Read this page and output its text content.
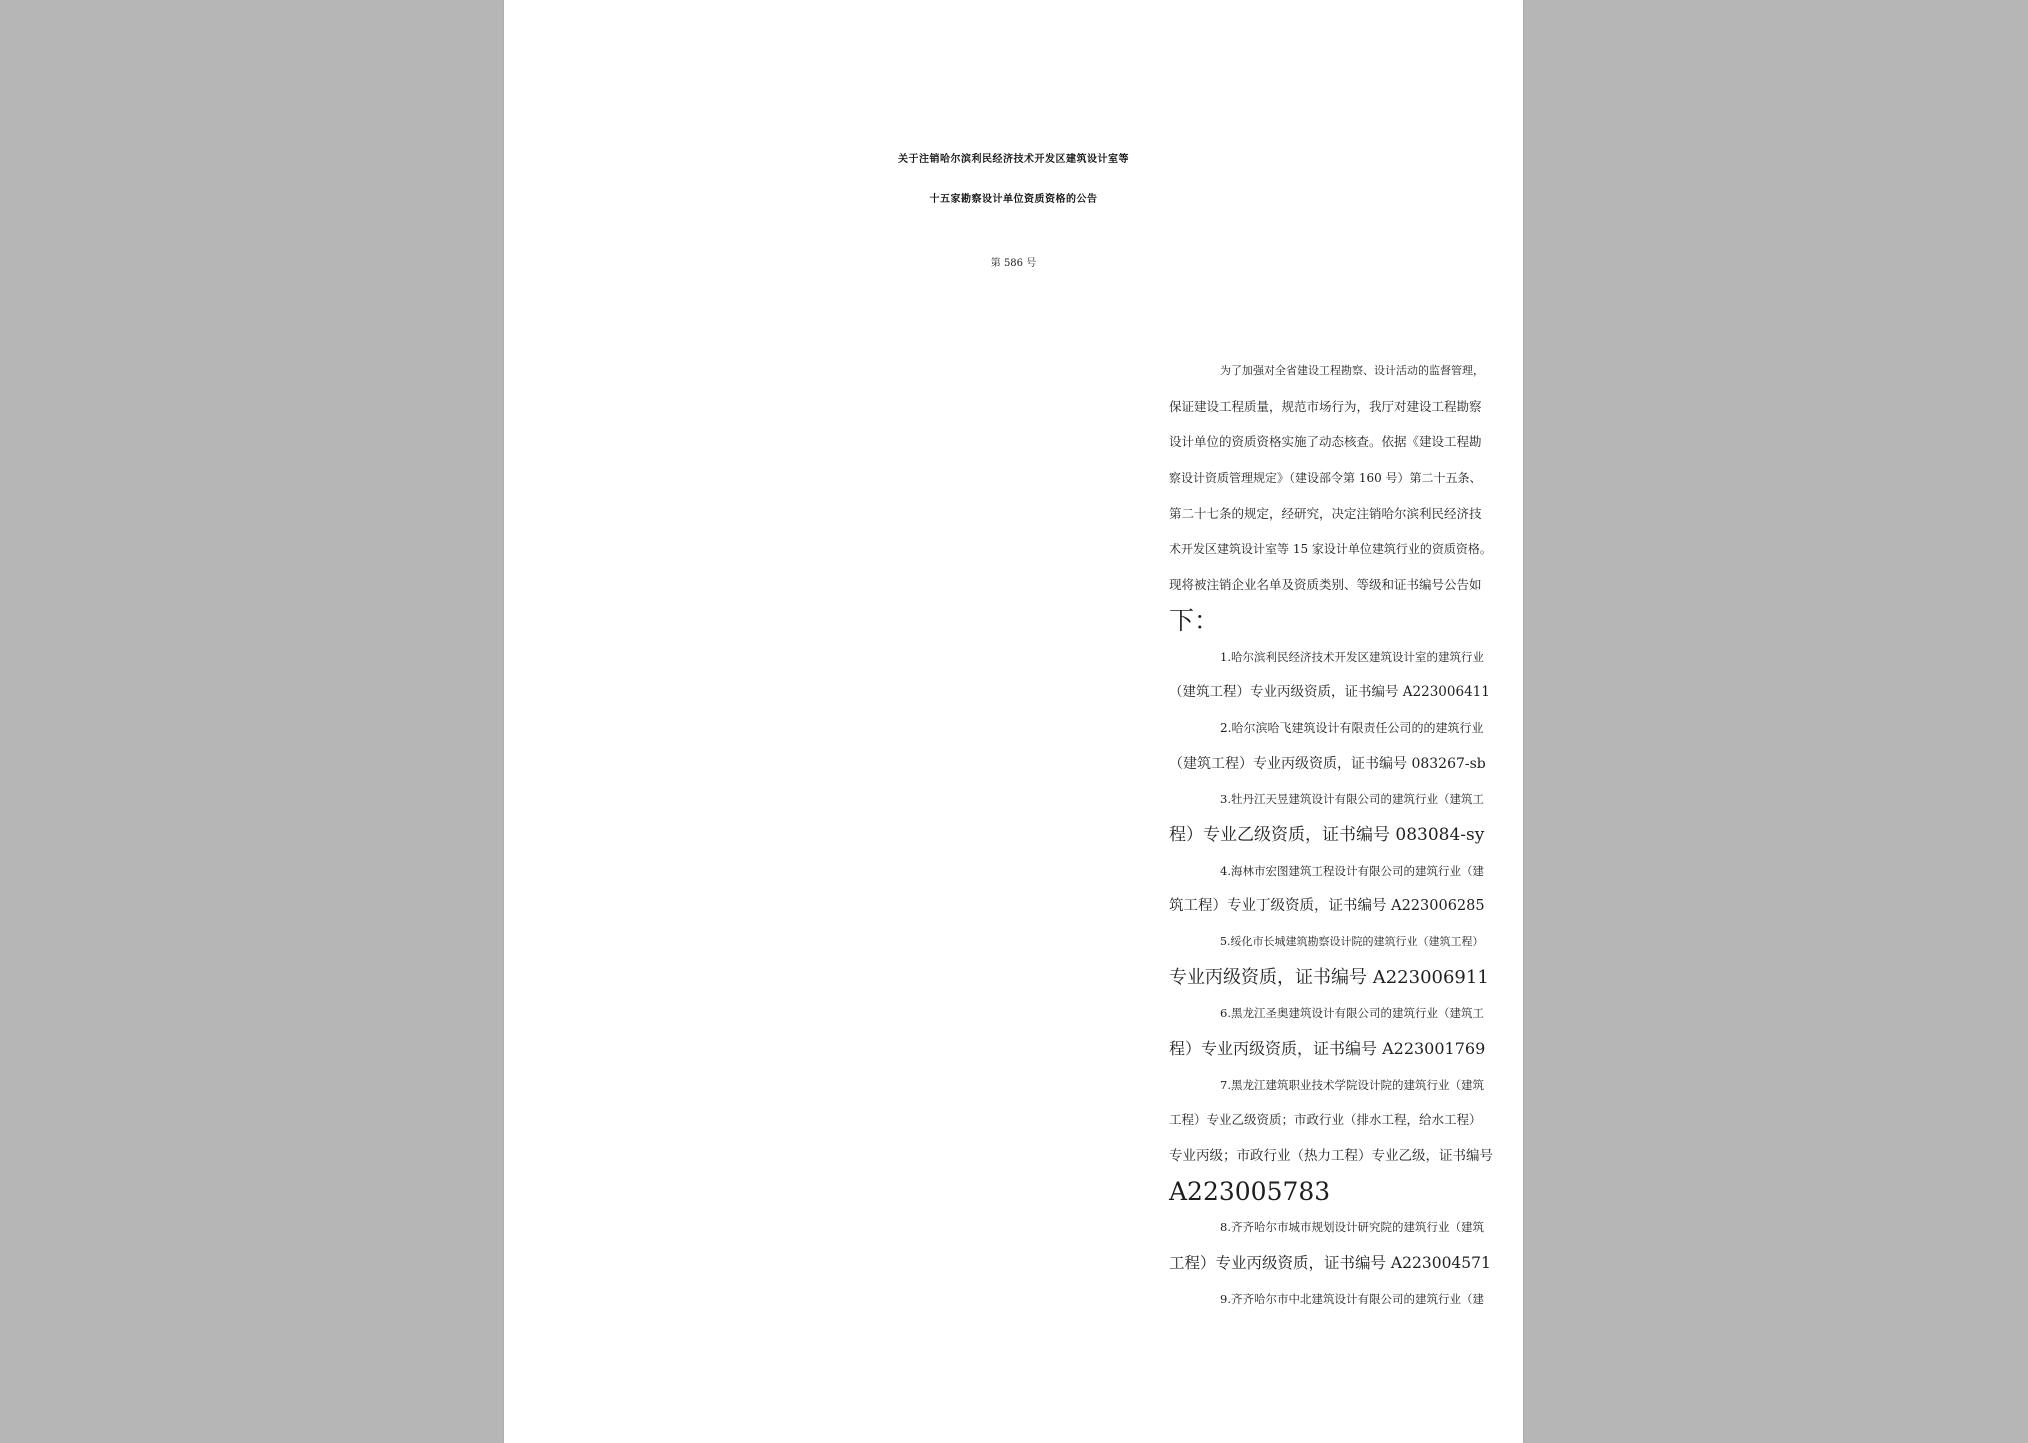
关于注销哈尔滨利民经济技术开发区建筑设计室等
十五家勘察设计单位资质资格的公告
第 586 号
为了加强对全省建设工程勘察、设计活动的监督管理，
保证建设工程质量，规范市场行为，我厅对建设工程勘察
设计单位的资质资格实施了动态核查。依据《建设工程勘
察设计资质管理规定》（建设部令第 160 号）第二十五条、
第二十七条的规定，经研究，决定注销哈尔滨利民经济技
术开发区建筑设计室等 15 家设计单位建筑行业的资质资格。
现将被注销企业名单及资质类别、等级和证书编号公告如
下：
1.哈尔滨利民经济技术开发区建筑设计室的建筑行业
（建筑工程）专业丙级资质，证书编号 A223006411
2.哈尔滨哈飞建筑设计有限责任公司的的建筑行业
（建筑工程）专业丙级资质，证书编号 083267-sb
3.牡丹江天昱建筑设计有限公司的建筑行业（建筑工
程）专业乙级资质，证书编号 083084-sy
4.海林市宏图建筑工程设计有限公司的建筑行业（建
筑工程）专业丁级资质，证书编号 A223006285
5.绥化市长城建筑勘察设计院的建筑行业（建筑工程）
专业丙级资质，证书编号 A223006911
6.黑龙江圣奥建筑设计有限公司的建筑行业（建筑工
程）专业丙级资质，证书编号 A223001769
7.黑龙江建筑职业技术学院设计院的建筑行业（建筑
工程）专业乙级资质；市政行业（排水工程，给水工程）
专业丙级；市政行业（热力工程）专业乙级，证书编号
A223005783
8.齐齐哈尔市城市规划设计研究院的建筑行业（建筑
工程）专业丙级资质，证书编号 A223004571
9.齐齐哈尔市中北建筑设计有限公司的建筑行业（建
